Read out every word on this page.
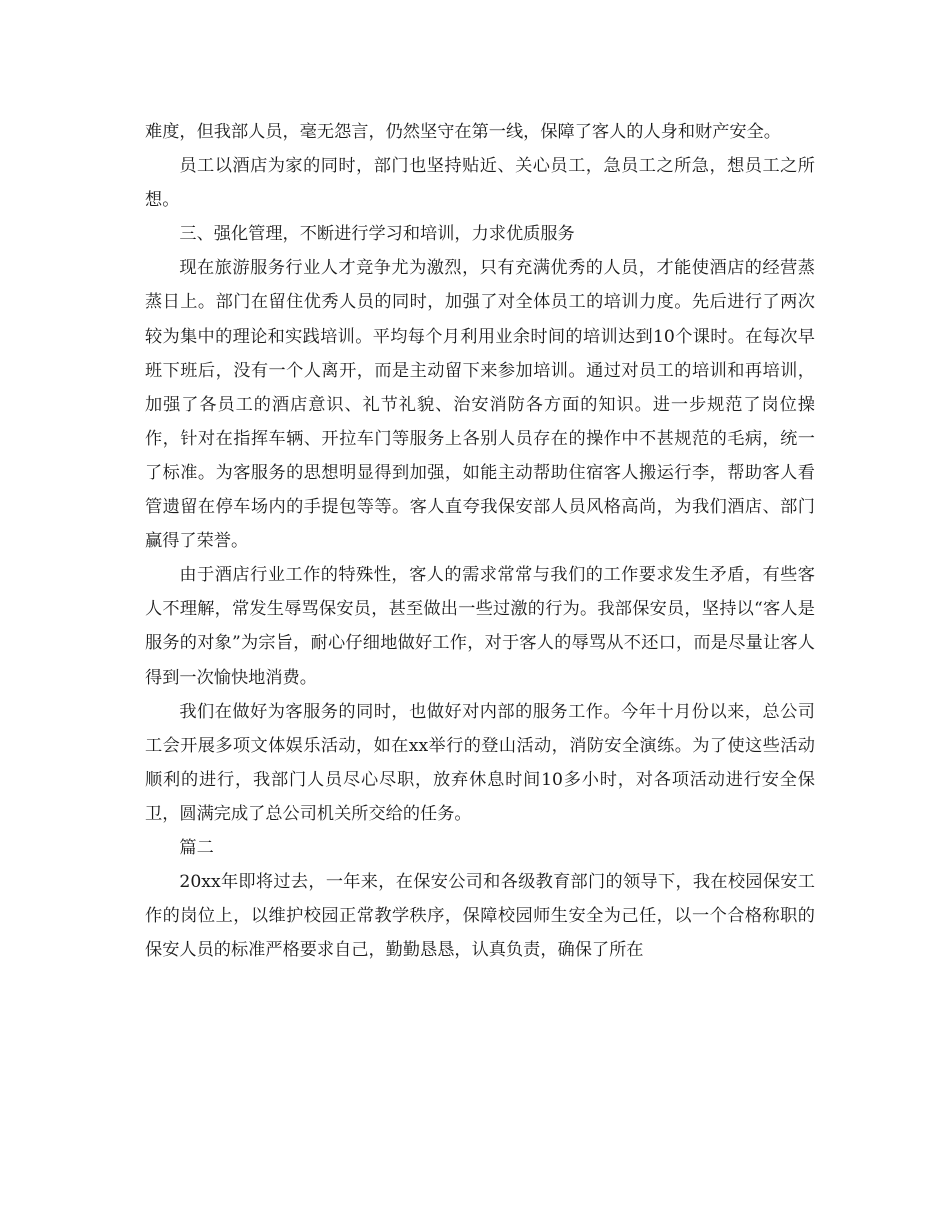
难度，但我部人员，毫无怨言，仍然坚守在第一线，保障了客人的人身和财产安全。

员工以酒店为家的同时，部门也坚持贴近、关心员工，急员工之所急，想员工之所想。

三、强化管理，不断进行学习和培训，力求优质服务

现在旅游服务行业人才竞争尤为激烈，只有充满优秀的人员，才能使酒店的经营蒸蒸日上。部门在留住优秀人员的同时，加强了对全体员工的培训力度。先后进行了两次较为集中的理论和实践培训。平均每个月利用业余时间的培训达到10个课时。在每次早班下班后，没有一个人离开，而是主动留下来参加培训。通过对员工的培训和再培训，加强了各员工的酒店意识、礼节礼貌、治安消防各方面的知识。进一步规范了岗位操作，针对在指挥车辆、开拉车门等服务上各别人员存在的操作中不甚规范的毛病，统一了标准。为客服务的思想明显得到加强，如能主动帮助住宿客人搬运行李，帮助客人看管遗留在停车场内的手提包等等。客人直夸我保安部人员风格高尚，为我们酒店、部门赢得了荣誉。

由于酒店行业工作的特殊性，客人的需求常常与我们的工作要求发生矛盾，有些客人不理解，常发生辱骂保安员，甚至做出一些过激的行为。我部保安员，坚持以“客人是服务的对象”为宗旨，耐心仔细地做好工作，对于客人的辱骂从不还口，而是尽量让客人得到一次愉快地消费。

我们在做好为客服务的同时，也做好对内部的服务工作。今年十月份以来，总公司工会开展多项文体娱乐活动，如在xx举行的登山活动，消防安全演练。为了使这些活动顺利的进行，我部门人员尽心尽职，放弃休息时间10多小时，对各项活动进行安全保卫，圆满完成了总公司机关所交给的任务。

篇二

20xx年即将过去，一年来，在保安公司和各级教育部门的领导下，我在校园保安工作的岗位上，以维护校园正常教学秩序，保障校园师生安全为己任，以一个合格称职的保安人员的标准严格要求自己，勤勤恳恳，认真负责，确保了所在
